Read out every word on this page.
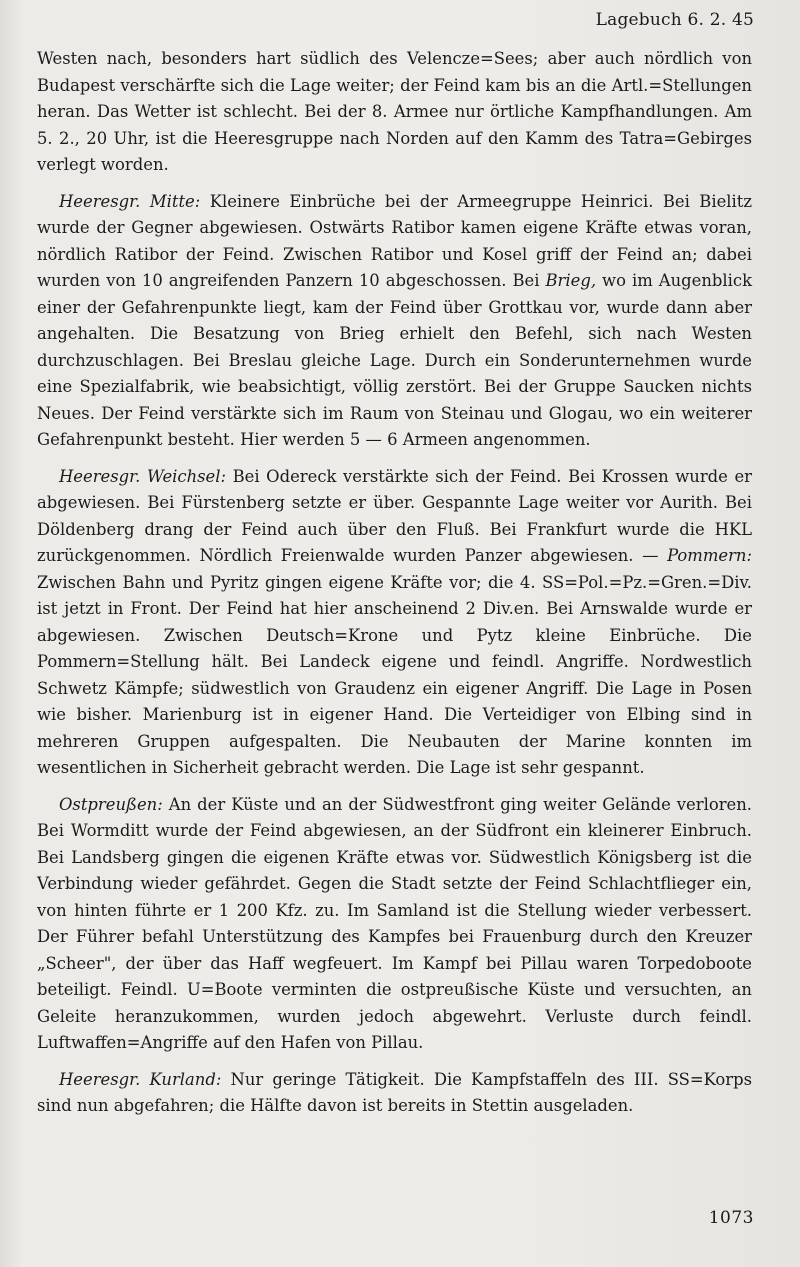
Lagebuch 6. 2. 45

Westen nach, besonders hart südlich des Velencze=Sees; aber auch nördlich von Budapest verschärfte sich die Lage weiter; der Feind kam bis an die Artl.=Stellungen heran. Das Wetter ist schlecht. Bei der 8. Armee nur örtliche Kampfhandlungen. Am 5. 2., 20 Uhr, ist die Heeresgruppe nach Norden auf den Kamm des Tatra=Gebirges verlegt worden.

Heeresgr. Mitte: Kleinere Einbrüche bei der Armeegruppe Heinrici. Bei Bielitz wurde der Gegner abgewiesen. Ostwärts Ratibor kamen eigene Kräfte etwas voran, nördlich Ratibor der Feind. Zwischen Ratibor und Kosel griff der Feind an; dabei wurden von 10 angreifenden Panzern 10 abgeschossen. Bei Brieg, wo im Augenblick einer der Gefahrenpunkte liegt, kam der Feind über Grottkau vor, wurde dann aber angehalten. Die Besatzung von Brieg erhielt den Befehl, sich nach Westen durchzuschlagen. Bei Breslau gleiche Lage. Durch ein Sonderunternehmen wurde eine Spezialfabrik, wie beabsichtigt, völlig zerstört. Bei der Gruppe Saucken nichts Neues. Der Feind verstärkte sich im Raum von Steinau und Glogau, wo ein weiterer Gefahrenpunkt besteht. Hier werden 5 — 6 Armeen angenommen.

Heeresgr. Weichsel: Bei Odereck verstärkte sich der Feind. Bei Krossen wurde er abgewiesen. Bei Fürstenberg setzte er über. Gespannte Lage weiter vor Aurith. Bei Döldenberg drang der Feind auch über den Fluß. Bei Frankfurt wurde die HKL zurückgenommen. Nördlich Freienwalde wurden Panzer abgewiesen. — Pommern: Zwischen Bahn und Pyritz gingen eigene Kräfte vor; die 4. SS=Pol.=Pz.=Gren.=Div. ist jetzt in Front. Der Feind hat hier anscheinend 2 Div.en. Bei Arnswalde wurde er abgewiesen. Zwischen Deutsch=Krone und Pytz kleine Einbrüche. Die Pommern=Stellung hält. Bei Landeck eigene und feindl. Angriffe. Nordwestlich Schwetz Kämpfe; südwestlich von Graudenz ein eigener Angriff. Die Lage in Posen wie bisher. Marienburg ist in eigener Hand. Die Verteidiger von Elbing sind in mehreren Gruppen aufgespalten. Die Neubauten der Marine konnten im wesentlichen in Sicherheit gebracht werden. Die Lage ist sehr gespannt.

Ostpreußen: An der Küste und an der Südwestfront ging weiter Gelände verloren. Bei Wormditt wurde der Feind abgewiesen, an der Südfront ein kleinerer Einbruch. Bei Landsberg gingen die eigenen Kräfte etwas vor. Südwestlich Königsberg ist die Verbindung wieder gefährdet. Gegen die Stadt setzte der Feind Schlachtflieger ein, von hinten führte er 1 200 Kfz. zu. Im Samland ist die Stellung wieder verbessert. Der Führer befahl Unterstützung des Kampfes bei Frauenburg durch den Kreuzer „Scheer", der über das Haff wegfeuert. Im Kampf bei Pillau waren Torpedoboote beteiligt. Feindl. U=Boote verminten die ostpreußische Küste und versuchten, an Geleite heranzukommen, wurden jedoch abgewehrt. Verluste durch feindl. Luftwaffen=Angriffe auf den Hafen von Pillau.

Heeresgr. Kurland: Nur geringe Tätigkeit. Die Kampfstaffeln des III. SS=Korps sind nun abgefahren; die Hälfte davon ist bereits in Stettin ausgeladen.

1073
